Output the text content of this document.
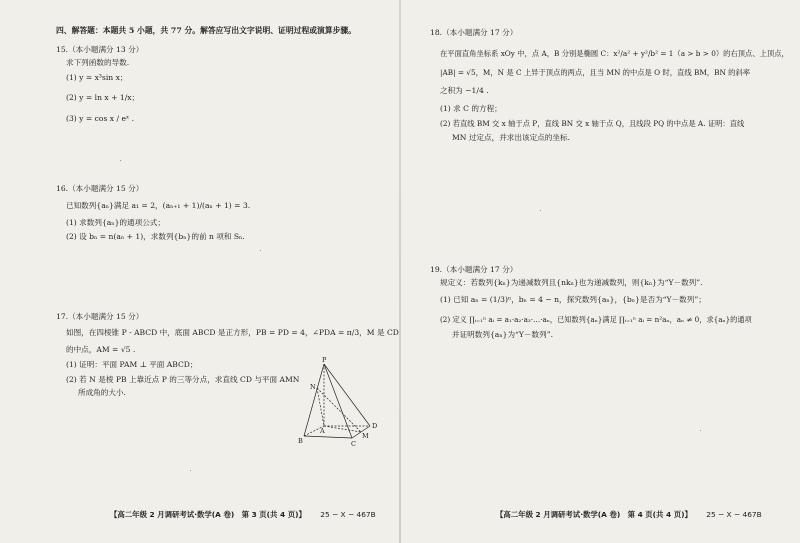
四、解答题：本题共 5 小题，共 77 分。解答应写出文字说明、证明过程或演算步骤。
15.（本小题满分 13 分）
求下列函数的导数.
(1) y = x³sin x；
(2) y = ln x + 1/x；
(3) y = cos x / eˣ .
16.（本小题满分 15 分）
已知数列{aₙ}满足 a₁ = 2，(aₙ₊₁ + 1)/(aₙ + 1) = 3.
(1) 求数列{aₙ}的通项公式；
(2) 设 bₙ = n(aₙ + 1)，求数列{bₙ}的前 n 项和 Sₙ.
17.（本小题满分 15 分）
如图，在四棱锥 P - ABCD 中，底面 ABCD 是正方形，PB = PD = 4，∠PDA = π/3，M 是 CD
的中点，AM = √5 .
(1) 证明：平面 PAM ⊥ 平面 ABCD；
(2) 若 N 是棱 PB 上靠近点 P 的三等分点，求直线 CD 与平面 AMN
所成角的大小.
P
N
A
B	C
D
M
【高二年级 2 月调研考试·数学(A 卷)　第 3 页(共 4 页)】 25 − X − 467B
18.（本小题满分 17 分）
在平面直角坐标系 xOy 中，点 A，B 分别是椭圆 C：x²/a² + y²/b² = 1（a > b > 0）的右顶点、上顶点，
|AB| = √5，M，N 是 C 上异于顶点的两点，且当 MN 的中点是 O 时，直线 BM，BN 的斜率
之积为 −1/4 .
(1) 求 C 的方程；
(2) 若直线 BM 交 x 轴于点 P，直线 BN 交 x 轴于点 Q，且线段 PQ 的中点是 A. 证明：直线
MN 过定点，并求出该定点的坐标.
19.（本小题满分 17 分）
规定义：若数列{kₙ}为递减数列且{nkₙ}也为递减数列，则{kₙ}为“Y－数列”.
(1) 已知 aₙ = (1/3)ⁿ，bₙ = 4 − n，探究数列{aₙ}，{bₙ}是否为“Y－数列”；
(2) 定义 ∏ᵢ₌₁ⁿ aᵢ = a₁·a₂·a₃·…·aₙ，已知数列{aₙ}满足 ∏ᵢ₌₁ⁿ aᵢ = n²aₙ，aₙ ≠ 0，求{aₙ}的通项
并证明数列{aₙ}为“Y－数列”.
【高二年级 2 月调研考试·数学(A 卷)　第 4 页(共 4 页)】 25 − X − 467B
